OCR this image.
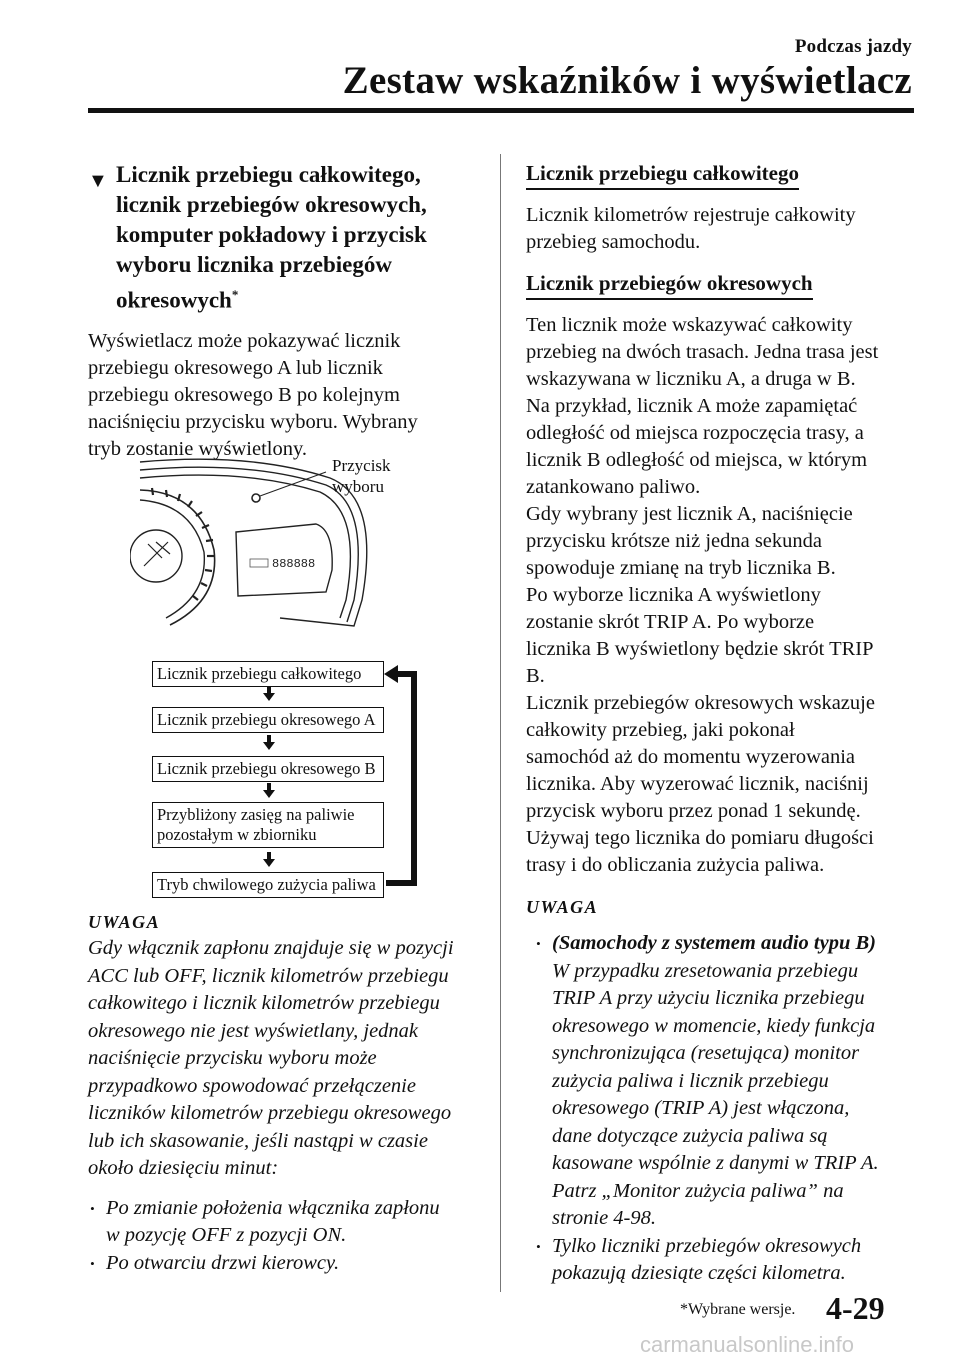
Podczas jazdy
Zestaw wskaźników i wyświetlacz
▼ Licznik przebiegu całkowitego,
licznik przebiegów okresowych,
komputer pokładowy i przycisk
wyboru licznika przebiegów
okresowych*
Wyświetlacz może pokazywać licznik
przebiegu okresowego A lub licznik
przebiegu okresowego B po kolejnym
naciśnięciu przycisku wyboru. Wybrany
tryb zostanie wyświetlony.
888888
Przycisk
wyboru
Licznik przebiegu całkowitego
Licznik przebiegu okresowego A
Licznik przebiegu okresowego B
Przybliżony zasięg na paliwie
pozostałym w zbiorniku
Tryb chwilowego zużycia paliwa
UWAGA
Gdy włącznik zapłonu znajduje się w pozycji
ACC lub OFF, licznik kilometrów przebiegu
całkowitego i licznik kilometrów przebiegu
okresowego nie jest wyświetlany, jednak
naciśnięcie przycisku wyboru może
przypadkowo spowodować przełączenie
liczników kilometrów przebiegu okresowego
lub ich skasowanie, jeśli nastąpi w czasie
około dziesięciu minut:
• Po zmianie położenia włącznika zapłonu
w pozycję OFF z pozycji ON.
• Po otwarciu drzwi kierowcy.
Licznik przebiegu całkowitego
Licznik kilometrów rejestruje całkowity
przebieg samochodu.
Licznik przebiegów okresowych
Ten licznik może wskazywać całkowity
przebieg na dwóch trasach. Jedna trasa jest
wskazywana w liczniku A, a druga w B.
Na przykład, licznik A może zapamiętać
odległość od miejsca rozpoczęcia trasy, a
licznik B odległość od miejsca, w którym
zatankowano paliwo.
Gdy wybrany jest licznik A, naciśnięcie
przycisku krótsze niż jedna sekunda
spowoduje zmianę na tryb licznika B.
Po wyborze licznika A wyświetlony
zostanie skrót TRIP A. Po wyborze
licznika B wyświetlony będzie skrót TRIP
B.
Licznik przebiegów okresowych wskazuje
całkowity przebieg, jaki pokonał
samochód aż do momentu wyzerowania
licznika. Aby wyzerować licznik, naciśnij
przycisk wyboru przez ponad 1 sekundę.
Używaj tego licznika do pomiaru długości
trasy i do obliczania zużycia paliwa.
UWAGA
• (Samochody z systemem audio typu B)
W przypadku zresetowania przebiegu
TRIP A przy użyciu licznika przebiegu
okresowego w momencie, kiedy funkcja
synchronizująca (resetująca) monitor
zużycia paliwa i licznik przebiegu
okresowego (TRIP A) jest włączona,
dane dotyczące zużycia paliwa są
kasowane wspólnie z danymi w TRIP A.
Patrz „Monitor zużycia paliwa” na
stronie 4-98.
• Tylko liczniki przebiegów okresowych
pokazują dziesiąte części kilometra.
*Wybrane wersje. 4-29
carmanualsonline.info
